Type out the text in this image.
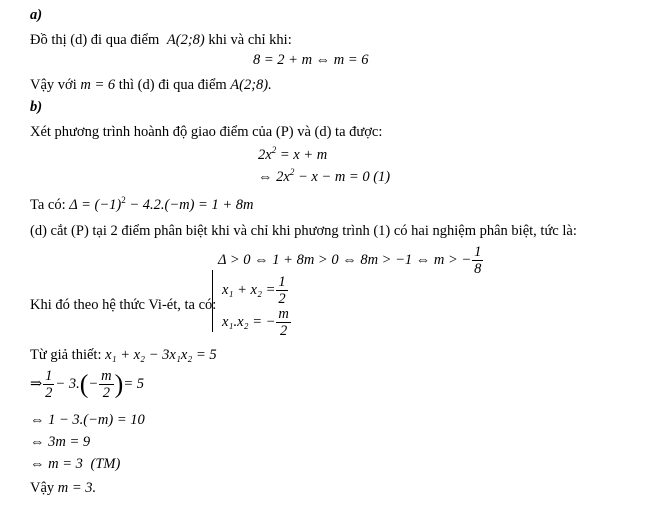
a)
Đồ thị (d) đi qua điểm A(2;8) khi và chỉ khi:
8 = 2 + m ⇔ m = 6
Vậy với m = 6 thì (d) đi qua điểm A(2;8).
b)
Xét phương trình hoành độ giao điểm của (P) và (d) ta được:
$2x^2 = x + m$
⇔ $2x^2 - x - m = 0$ (1)
Ta có: $\Delta = (-1)^2 - 4.2.(-m) = 1 + 8m$
(d) cắt (P) tại 2 điểm phân biệt khi và chỉ khi phương trình (1) có hai nghiệm phân biệt, tức là:
Δ > 0 ⇔ 1 + 8m > 0 ⇔ 8m > −1 ⇔ m > − $\frac{1}{8}$
Khi đó theo hệ thức Vi-ét, ta có:
$x_1 + x_2 = \frac{1}{2}$
x₁.x₂ = − $\frac{m}{2}$
Từ giả thiết: x₁ + x₂ − 3x₁x₂ = 5
⇒ $\frac{1}{2} - 3.(- \frac{m}{2}$ )= 5
⇔ 1 − 3.(−m) = 10
⇔ 3m = 9
⇔ m = 3 (TM)
Vậy m = 3.
